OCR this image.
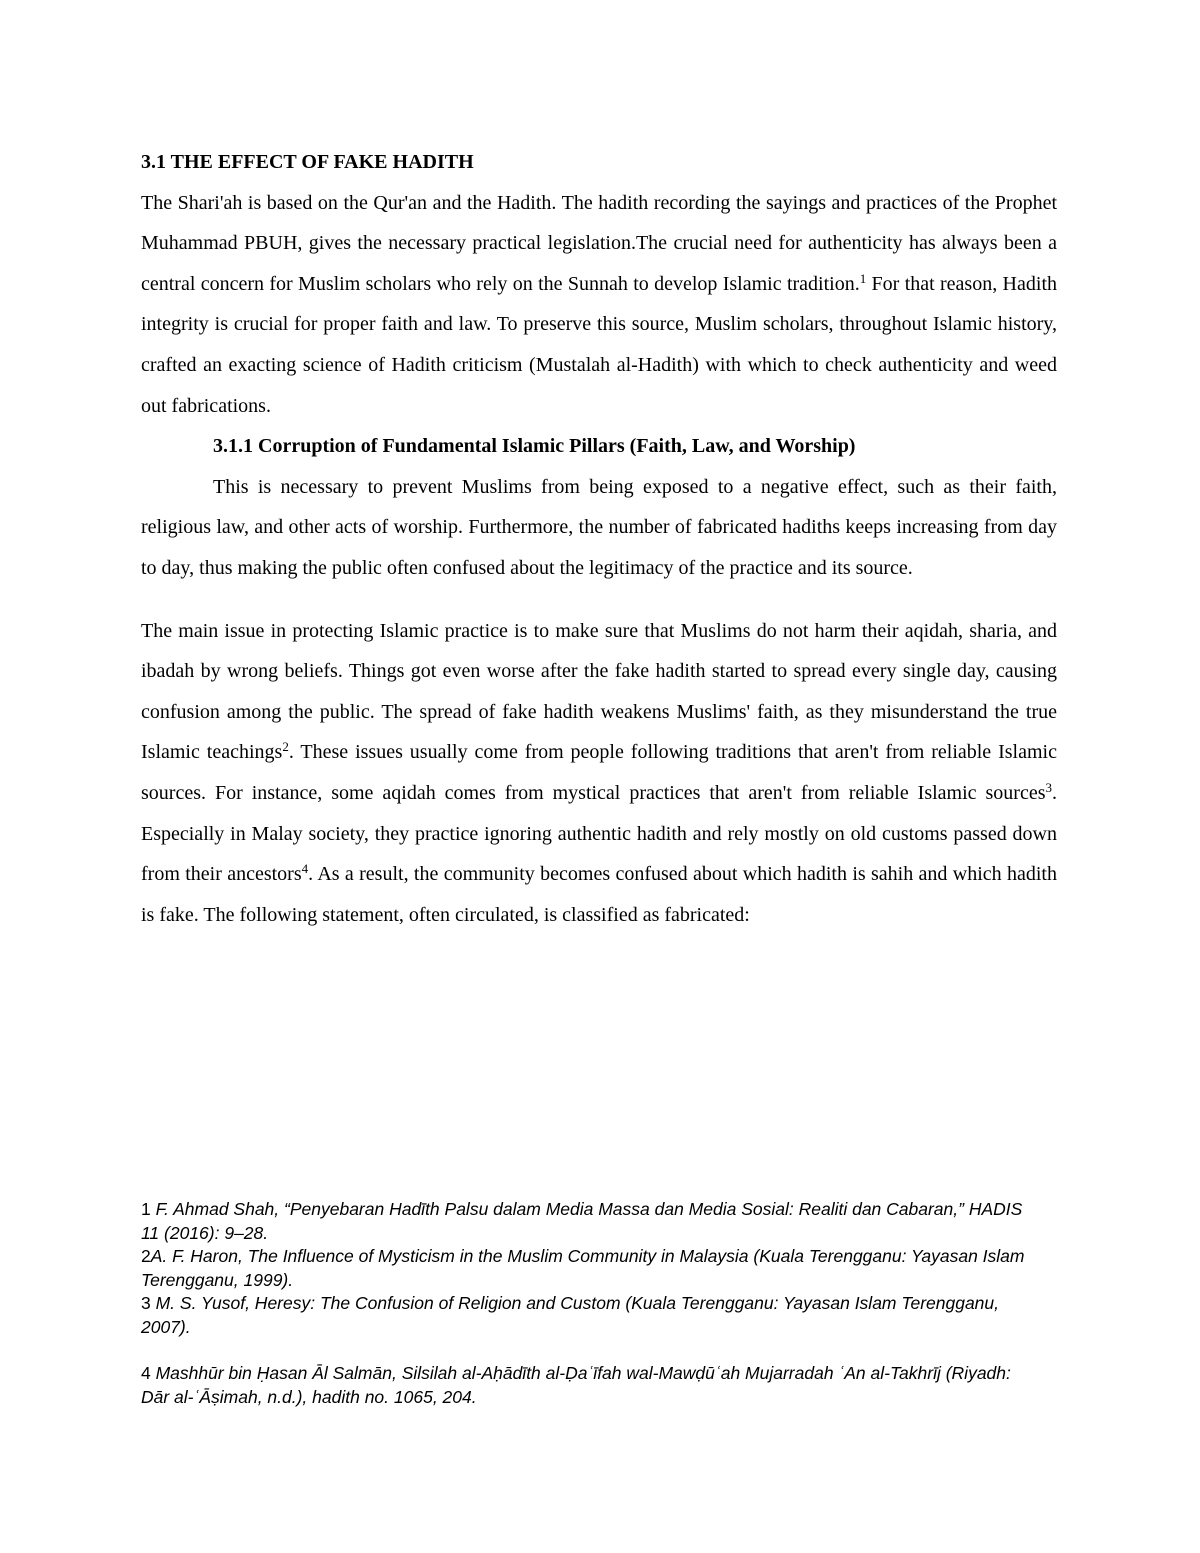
3.1 THE EFFECT OF FAKE HADITH

The Shari'ah is based on the Qur'an and the Hadith. The hadith recording the sayings and practices of the Prophet Muhammad PBUH, gives the necessary practical legislation.The crucial need for authenticity has always been a central concern for Muslim scholars who rely on the Sunnah to develop Islamic tradition.$^1$ For that reason, Hadith integrity is crucial for proper faith and law. To preserve this source, Muslim scholars, throughout Islamic history, crafted an exacting science of Hadith criticism (Mustalah al-Hadith) with which to check authenticity and weed out fabrications.

3.1.1 Corruption of Fundamental Islamic Pillars (Faith, Law, and Worship)

This is necessary to prevent Muslims from being exposed to a negative effect, such as their faith, religious law, and other acts of worship. Furthermore, the number of fabricated hadiths keeps increasing from day to day, thus making the public often confused about the legitimacy of the practice and its source.

The main issue in protecting Islamic practice is to make sure that Muslims do not harm their aqidah, sharia, and ibadah by wrong beliefs. Things got even worse after the fake hadith started to spread every single day, causing confusion among the public. The spread of fake hadith weakens Muslims' faith, as they misunderstand the true Islamic teachings$^2$. These issues usually come from people following traditions that aren't from reliable Islamic sources. For instance, some aqidah comes from mystical practices that aren't from reliable Islamic sources$^3$. Especially in Malay society, they practice ignoring authentic hadith and rely mostly on old customs passed down from their ancestors$^4$. As a result, the community becomes confused about which hadith is sahih and which hadith is fake. The following statement, often circulated, is classified as fabricated:

1 F. Ahmad Shah, “Penyebaran Hadīth Palsu dalam Media Massa dan Media Sosial: Realiti dan Cabaran,” HADIS 11 (2016): 9–28.

2A. F. Haron, The Influence of Mysticism in the Muslim Community in Malaysia (Kuala Terengganu: Yayasan Islam Terengganu, 1999).

3 M. S. Yusof, Heresy: The Confusion of Religion and Custom (Kuala Terengganu: Yayasan Islam Terengganu, 2007).

4 Mashhūr bin Ḥasan Āl Salmān, Silsilah al-Aḥādīth al-Ḍaʿīfah wal-Mawḍūʿah Mujarradah ʿAn al-Takhrīj (Riyadh: Dār al-ʿĀṣimah, n.d.), hadith no. 1065, 204.
